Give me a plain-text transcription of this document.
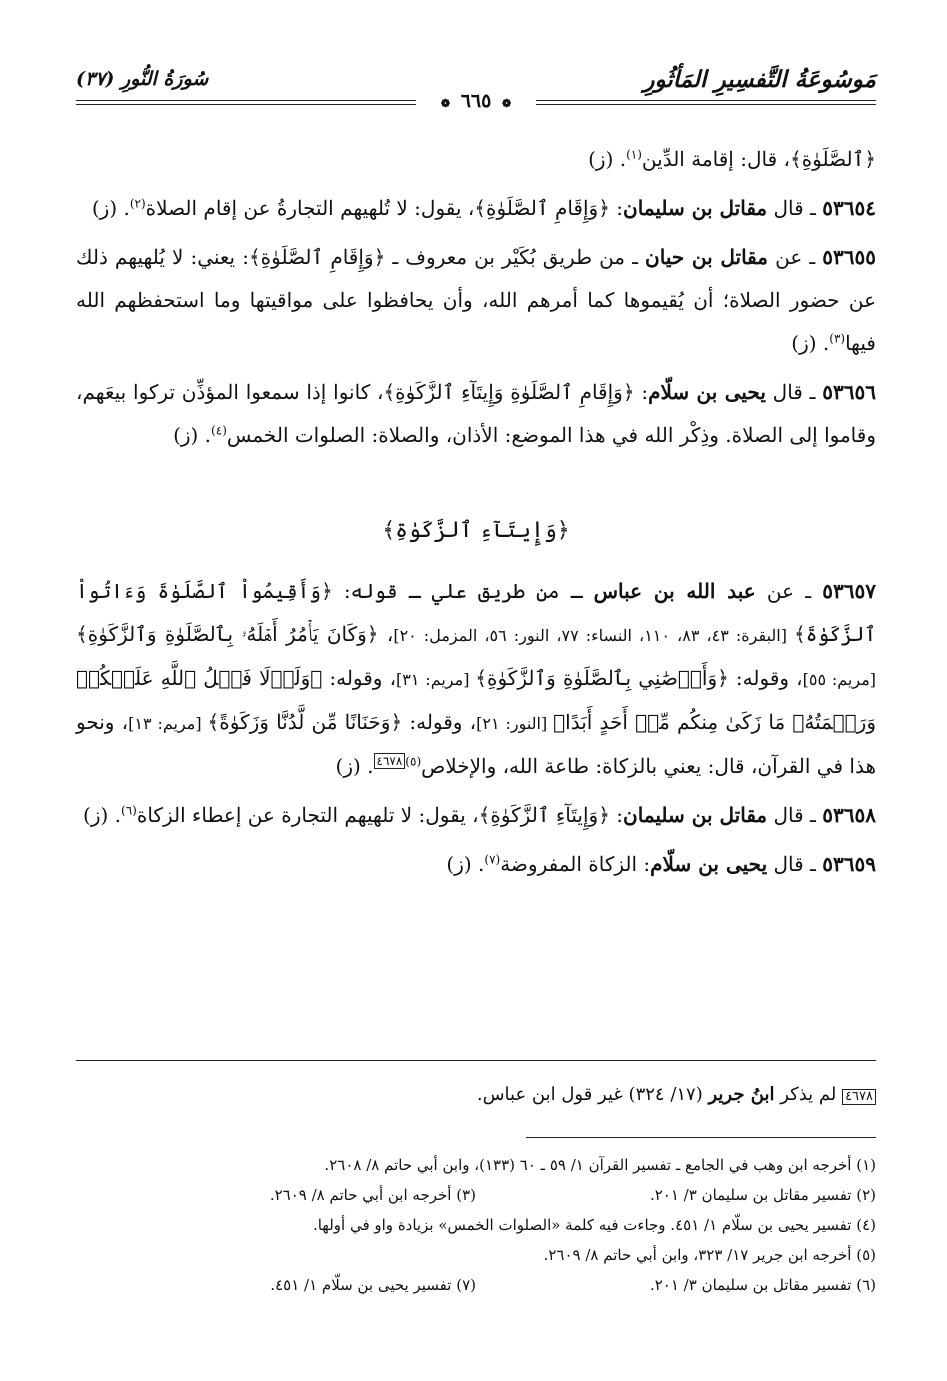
مَوسُوعَةُ التَّفسِيرِ المَأثُورِ
سُورَةُ النُّورِ (٣٧)
❁ ٦٦٥ ❁

﴿ٱلصَّلَوٰةِ﴾، قال: إقامة الدِّين$^{(١)}$. (ز)

٥٣٦٥٤ ـ قال مقاتل بن سليمان: ﴿وَإِقَامِ ٱلصَّلَوٰةِ﴾، يقول: لا تُلهيهم التجارةُ عن إقام الصلاة$^{(٢)}$. (ز)

٥٣٦٥٥ ـ عن مقاتل بن حيان ـ من طريق بُكَيْر بن معروف ـ ﴿وَإِقَامِ ٱلصَّلَوٰةِ﴾: يعني: لا يُلهيهم ذلك عن حضور الصلاة؛ أن يُقيموها كما أمرهم الله، وأن يحافظوا على مواقيتها وما استحفظهم الله فيها$^{(٣)}$. (ز)

٥٣٦٥٦ ـ قال يحيى بن سلّام: ﴿وَإِقَامِ ٱلصَّلَوٰةِ وَإِيتَآءِ ٱلزَّكَوٰةِ﴾، كانوا إذا سمعوا المؤذِّن تركوا بيعَهم، وقاموا إلى الصلاة. وذِكْر الله في هذا الموضع: الأذان، والصلاة: الصلوات الخمس$^{(٤)}$. (ز)

﴿وَإِيتَآءِ ٱلزَّكَوٰةِ﴾

٥٣٦٥٧ ـ عن عبد الله بن عباس ـ من طريق علي ـ قوله: ﴿وَأَقِيمُواْ ٱلصَّلَوٰةَ وَءَاتُواْ ٱلزَّكَوٰةَ﴾ [البقرة: ٤٣، ٨٣، ١١٠، النساء: ٧٧، النور: ٥٦، المزمل: ٢٠]، ﴿وَكَانَ يَأۡمُرُ أَهۡلَهُۥ بِٱلصَّلَوٰةِ وَٱلزَّكَوٰةِ﴾ [مريم: ٥٥]، وقوله: ﴿وَأَوۡصَٰنِي بِٱلصَّلَوٰةِ وَٱلزَّكَوٰةِ﴾ [مريم: ٣١]، وقوله: ﴿وَلَوۡلَا فَضۡلُ ٱللَّهِ عَلَيۡكُمۡ وَرَحۡمَتُهُۥ مَا زَكَىٰ مِنكُم مِّنۡ أَحَدٍ أَبَدًا﴾ [النور: ٢١]، وقوله: ﴿وَحَنَانًا مِّن لَّدُنَّا وَزَكَوٰةً﴾ [مريم: ١٣]، ونحو هذا في القرآن، قال: يعني بالزكاة: طاعة الله، والإخلاص$^{(٥)}$٤٦٧٨. (ز)

٥٣٦٥٨ ـ قال مقاتل بن سليمان: ﴿وَإِيتَآءِ ٱلزَّكَوٰةِ﴾، يقول: لا تلهيهم التجارة عن إعطاء الزكاة$^{(٦)}$. (ز)

٥٣٦٥٩ ـ قال يحيى بن سلّام: الزكاة المفروضة$^{(٧)}$. (ز)

٤٦٧٨ لم يذكر ابنُ جرير (١٧/ ٣٢٤) غير قول ابن عباس.
(١) أخرجه ابن وهب في الجامع ـ تفسير القرآن ١/ ٥٩ ـ ٦٠ (١٣٣)، وابن أبي حاتم ٨/ ٢٦٠٨.
(٢) تفسير مقاتل بن سليمان ٣/ ٢٠١.(٣) أخرجه ابن أبي حاتم ٨/ ٢٦٠٩.
(٤) تفسير يحيى بن سلّام ١/ ٤٥١. وجاءت فيه كلمة «الصلوات الخمس» بزيادة واو في أولها.
(٥) أخرجه ابن جرير ١٧/ ٣٢٣، وابن أبي حاتم ٨/ ٢٦٠٩.
(٦) تفسير مقاتل بن سليمان ٣/ ٢٠١.(٧) تفسير يحيى بن سلّام ١/ ٤٥١.
